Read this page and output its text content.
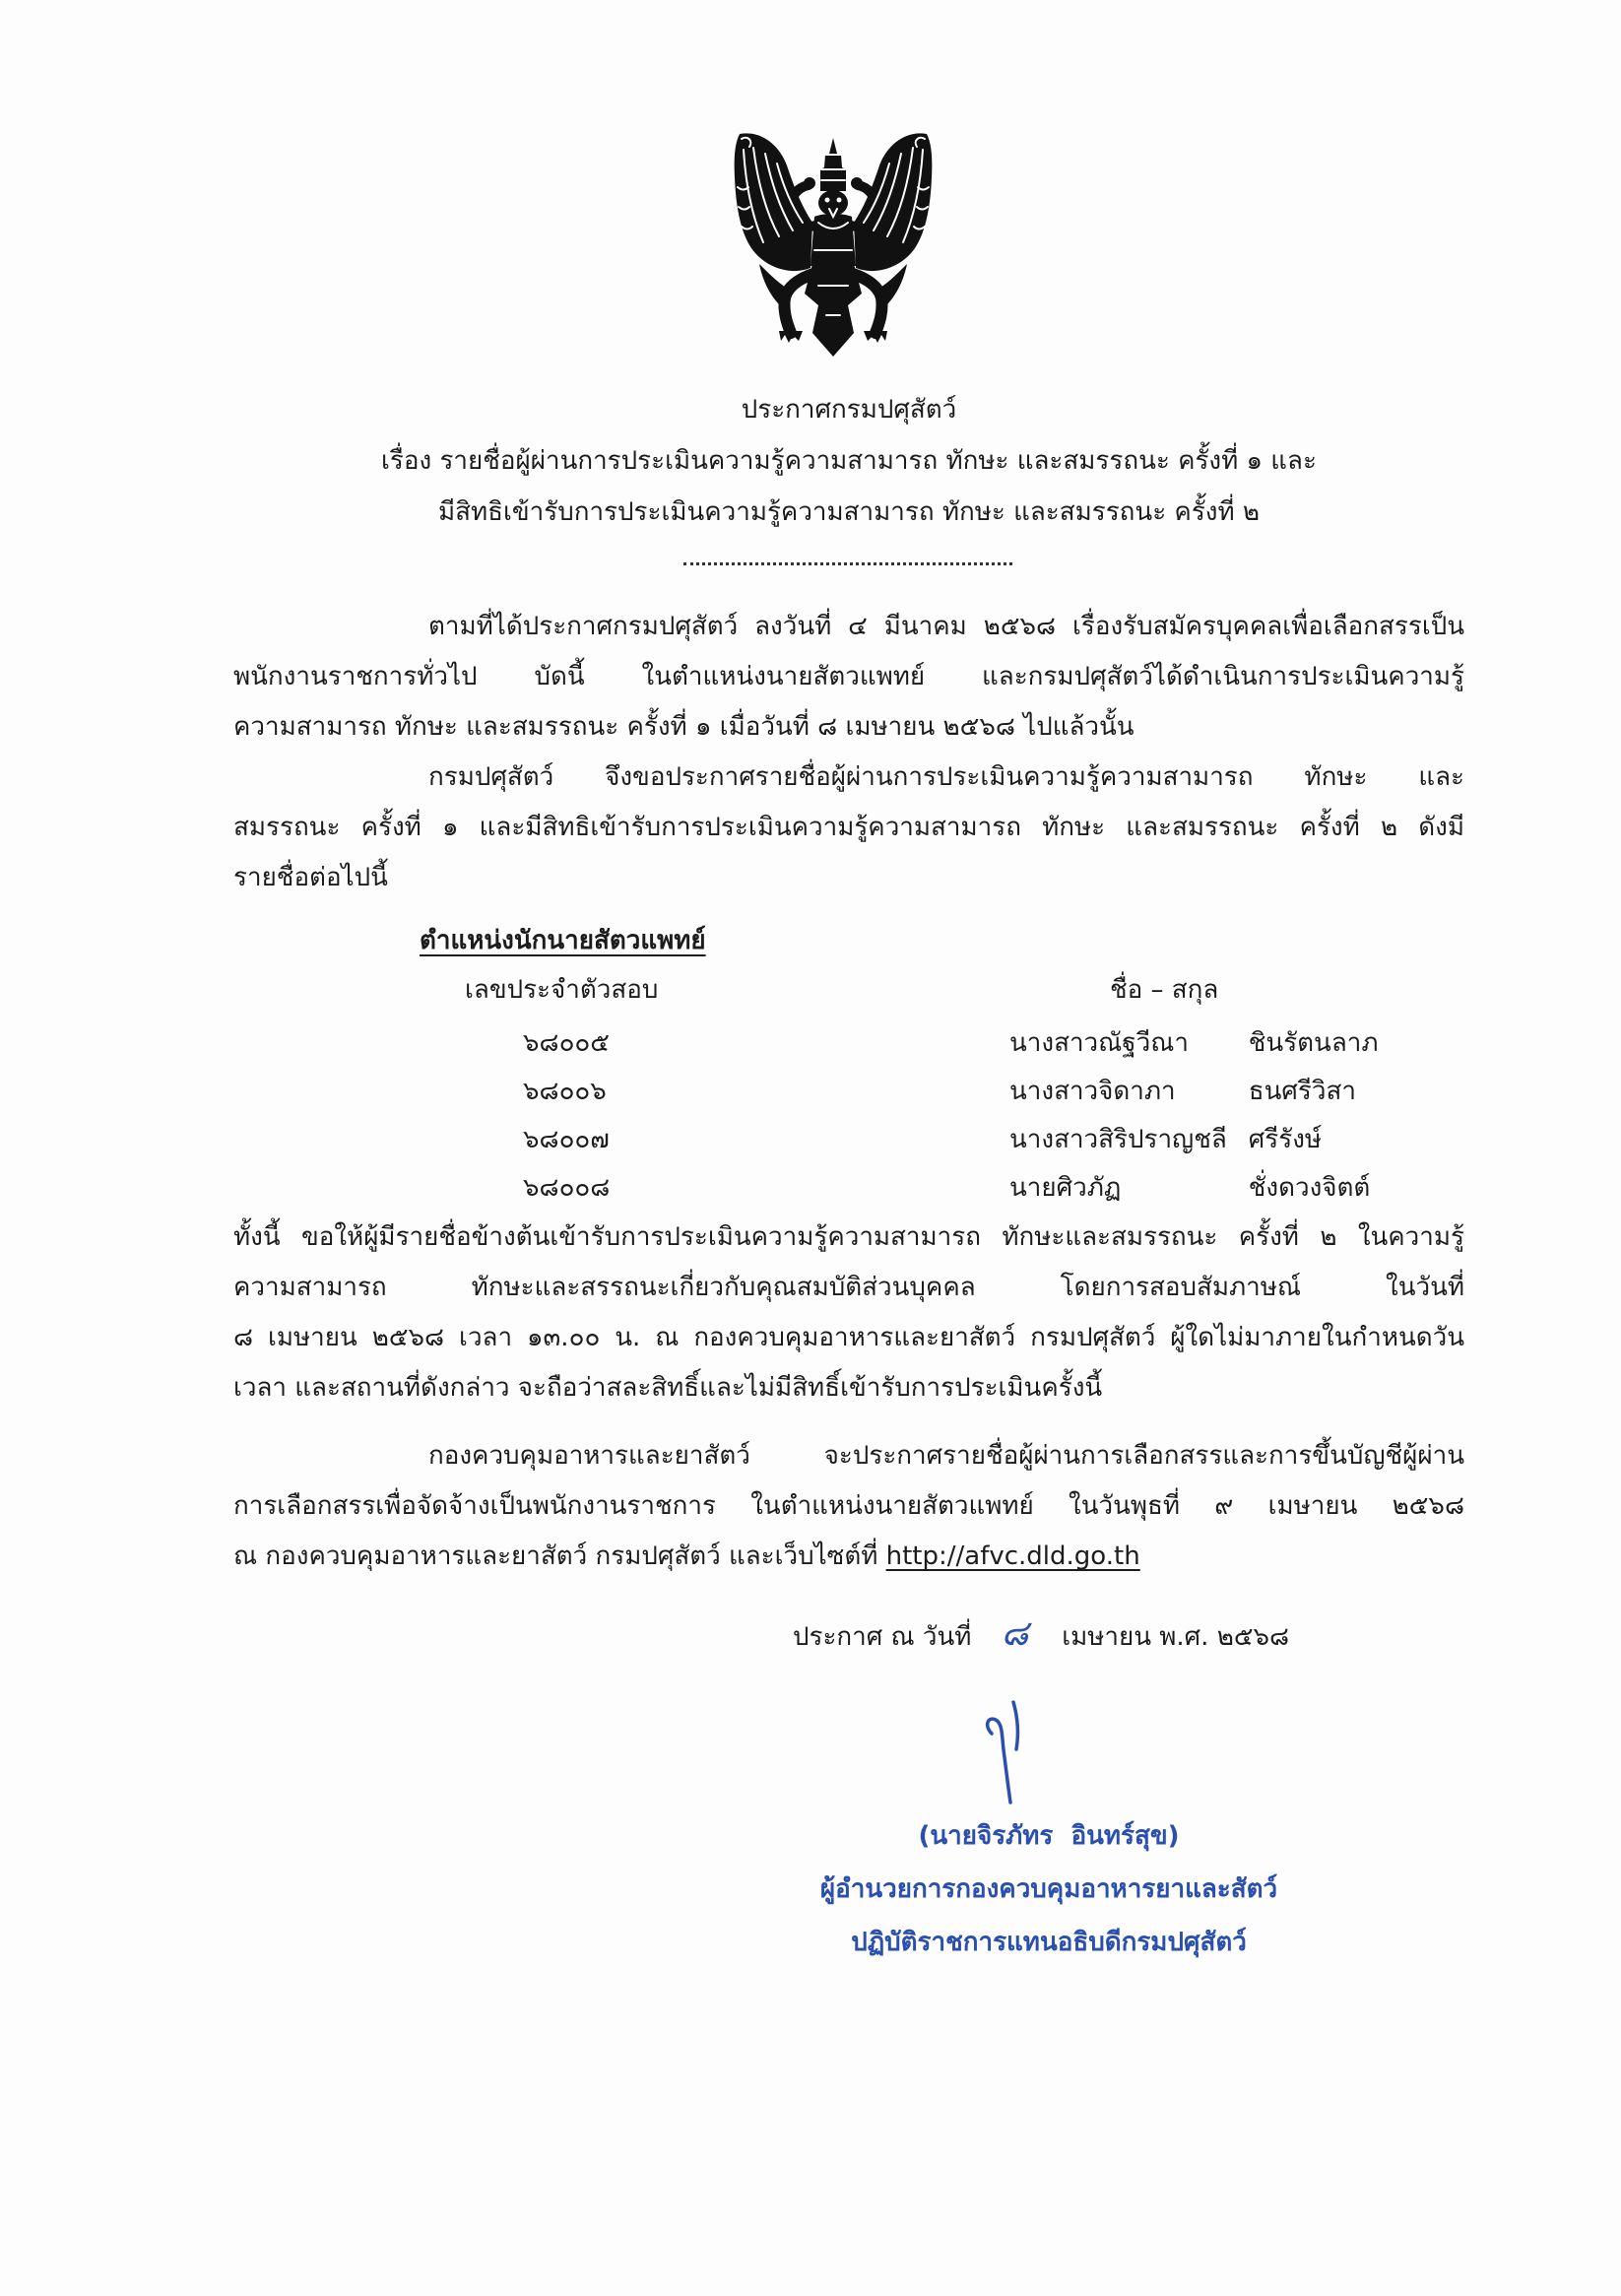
ประกาศกรมปศุสัตว์
เรื่อง รายชื่อผู้ผ่านการประเมินความรู้ความสามารถ ทักษะ และสมรรถนะ ครั้งที่ ๑ และ
มีสิทธิเข้ารับการประเมินความรู้ความสามารถ ทักษะ และสมรรถนะ ครั้งที่ ๒
ตามที่ได้ประกาศกรมปศุสัตว์ ลงวันที่ ๔ มีนาคม ๒๕๖๘ เรื่องรับสมัครบุคคลเพื่อเลือกสรรเป็น
พนักงานราชการทั่วไป บัดนี้ ในตำแหน่งนายสัตวแพทย์ และกรมปศุสัตว์ได้ดำเนินการประเมินความรู้
ความสามารถ ทักษะ และสมรรถนะ ครั้งที่ ๑ เมื่อวันที่ ๘ เมษายน ๒๕๖๘ ไปแล้วนั้น
กรมปศุสัตว์ จึงขอประกาศรายชื่อผู้ผ่านการประเมินความรู้ความสามารถ ทักษะ และ
สมรรถนะ ครั้งที่ ๑ และมีสิทธิเข้ารับการประเมินความรู้ความสามารถ ทักษะ และสมรรถนะ ครั้งที่ ๒ ดังมี
รายชื่อต่อไปนี้
ตำแหน่งนักนายสัตวแพทย์
เลขประจำตัวสอบ	ชื่อ – สกุล
๖๘๐๐๕	นางสาวณัฐวีณา	ชินรัตนลาภ
๖๘๐๐๖	นางสาวจิดาภา	ธนศรีวิสา
๖๘๐๐๗	นางสาวสิริปราญชลี ศรีรังษ์
๖๘๐๐๘	นายศิวภัฏ	ชั่งดวงจิตต์
ทั้งนี้ ขอให้ผู้มีรายชื่อข้างต้นเข้ารับการประเมินความรู้ความสามารถ ทักษะและสมรรถนะ ครั้งที่ ๒ ในความรู้
ความสามารถ ทักษะและสรรถนะเกี่ยวกับคุณสมบัติส่วนบุคคล โดยการสอบสัมภาษณ์ ในวันที่
๘ เมษายน ๒๕๖๘ เวลา ๑๓.๐๐ น. ณ กองควบคุมอาหารและยาสัตว์ กรมปศุสัตว์ ผู้ใดไม่มาภายในกำหนดวัน
เวลา และสถานที่ดังกล่าว จะถือว่าสละสิทธิ์และไม่มีสิทธิ์เข้ารับการประเมินครั้งนี้
กองควบคุมอาหารและยาสัตว์ จะประกาศรายชื่อผู้ผ่านการเลือกสรรและการขึ้นบัญชีผู้ผ่าน
การเลือกสรรเพื่อจัดจ้างเป็นพนักงานราชการ ในตำแหน่งนายสัตวแพทย์ ในวันพุธที่ ๙ เมษายน ๒๕๖๘
ณ กองควบคุมอาหารและยาสัตว์ กรมปศุสัตว์ และเว็บไซต์ที่ http://afvc.dld.go.th
ประกาศ ณ วันที่ ๘ เมษายน พ.ศ. ๒๕๖๘
(นายจิรภัทร  อินทร์สุข)
ผู้อำนวยการกองควบคุมอาหารยาและสัตว์
ปฏิบัติราชการแทนอธิบดีกรมปศุสัตว์
